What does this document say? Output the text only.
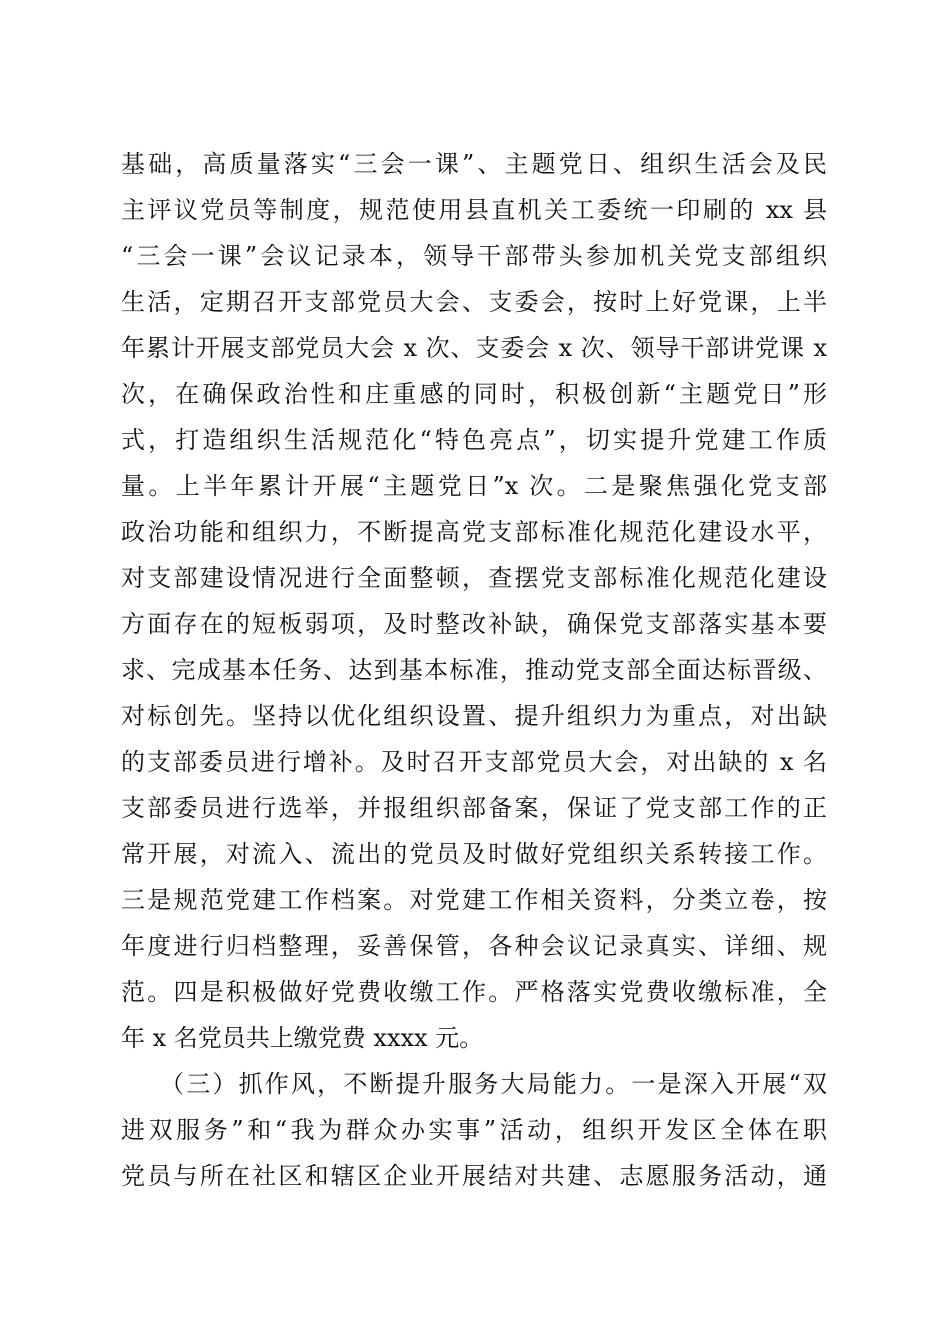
基础，高质量落实“三会一课”、主题党日、组织生活会及民
主评议党员等制度，规范使用县直机关工委统一印刷的 xx 县
“三会一课”会议记录本，领导干部带头参加机关党支部组织
生活，定期召开支部党员大会、支委会，按时上好党课，上半
年累计开展支部党员大会 x 次、支委会 x 次、领导干部讲党课 x
次，在确保政治性和庄重感的同时，积极创新“主题党日”形
式，打造组织生活规范化“特色亮点”，切实提升党建工作质
量。上半年累计开展“主题党日”x 次。二是聚焦强化党支部
政治功能和组织力，不断提高党支部标准化规范化建设水平，
对支部建设情况进行全面整顿，查摆党支部标准化规范化建设
方面存在的短板弱项，及时整改补缺，确保党支部落实基本要
求、完成基本任务、达到基本标准，推动党支部全面达标晋级、
对标创先。坚持以优化组织设置、提升组织力为重点，对出缺
的支部委员进行增补。及时召开支部党员大会，对出缺的 x 名
支部委员进行选举，并报组织部备案，保证了党支部工作的正
常开展，对流入、流出的党员及时做好党组织关系转接工作。
三是规范党建工作档案。对党建工作相关资料，分类立卷，按
年度进行归档整理，妥善保管，各种会议记录真实、详细、规
范。四是积极做好党费收缴工作。严格落实党费收缴标准，全
年 x 名党员共上缴党费 xxxx 元。
（三）抓作风，不断提升服务大局能力。一是深入开展“双
进双服务”和“我为群众办实事”活动，组织开发区全体在职
党员与所在社区和辖区企业开展结对共建、志愿服务活动，通
